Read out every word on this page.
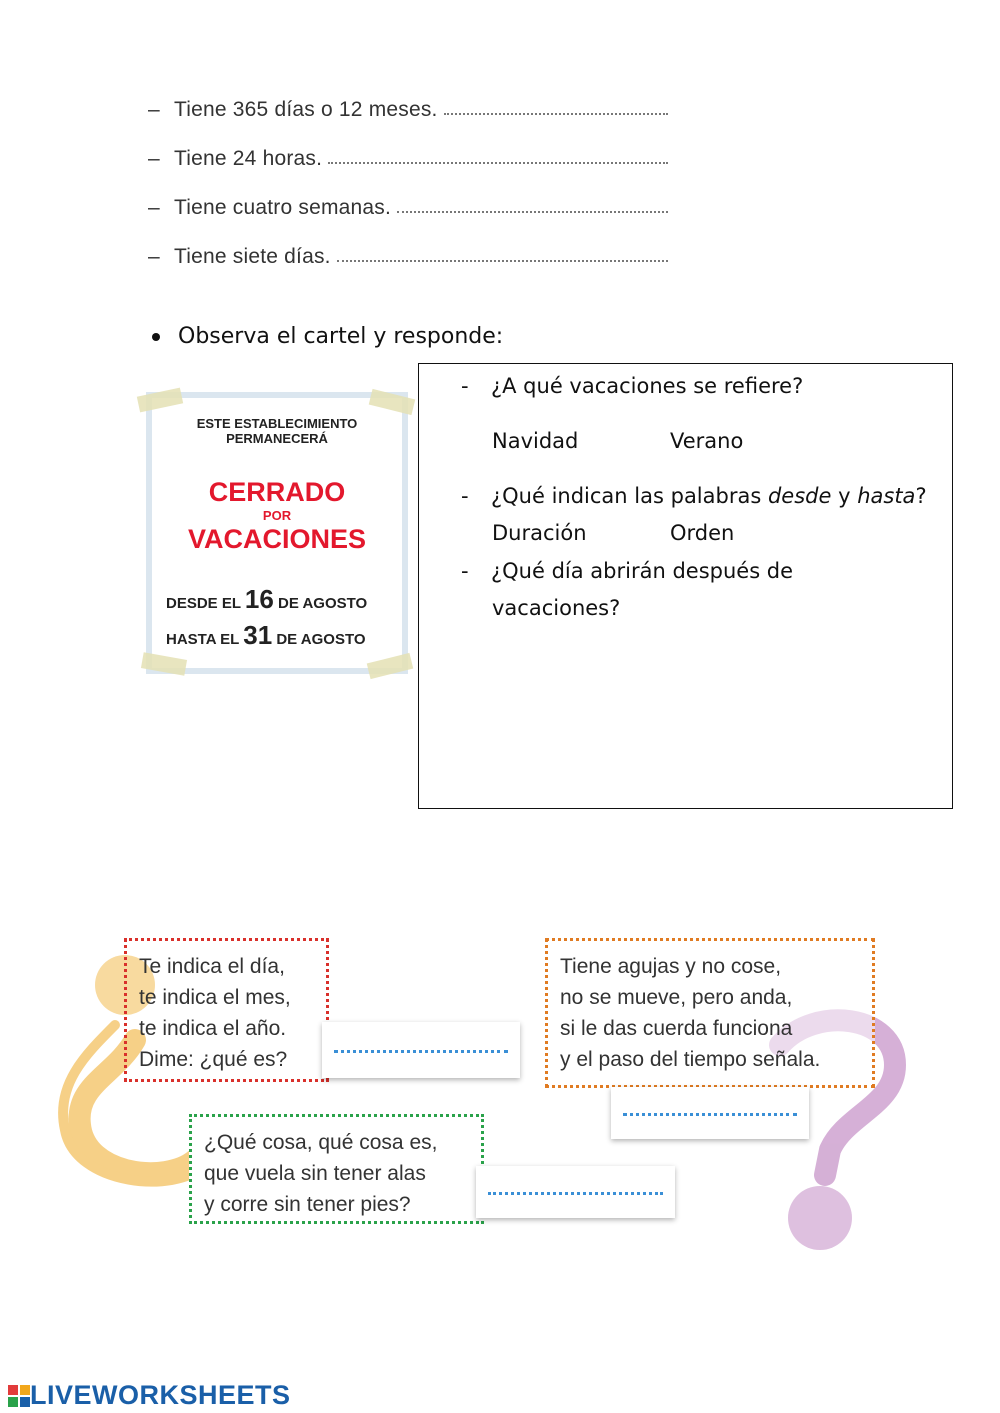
– Tiene 365 días o 12 meses.
– Tiene 24 horas.
– Tiene cuatro semanas.
– Tiene siete días.
Observa el cartel y responde:
ESTE ESTABLECIMIENTO
PERMANECERÁ
CERRADO
POR
VACACIONES
DESDE EL 16 DE AGOSTO
HASTA EL 31 DE AGOSTO
- ¿A qué vacaciones se refiere?
Navidad	Verano
- ¿Qué indican las palabras desde y hasta?
Duración	Orden
- ¿Qué día abrirán después de
vacaciones?
Te indica el día,
te indica el mes,
te indica el año.
Dime: ¿qué es?
Tiene agujas y no cose,
no se mueve, pero anda,
si le das cuerda funciona
y el paso del tiempo señala.
¿Qué cosa, qué cosa es,
que vuela sin tener alas
y corre sin tener pies?
LIVEWORKSHEETS
